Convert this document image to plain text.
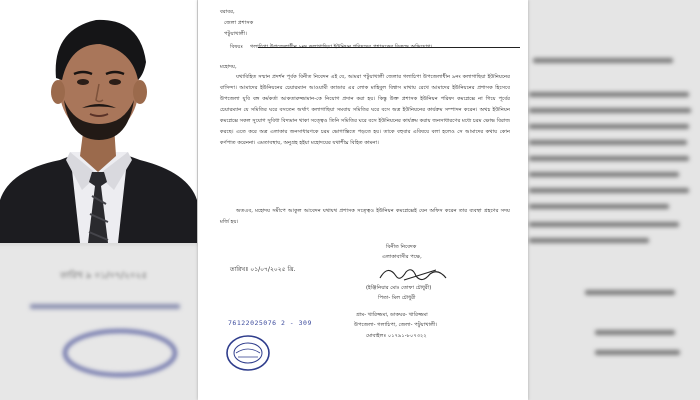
তারিখ ৯ ০১/০৭/২০২৫
বরাবর,
জেলা প্রশাসক
পটুয়াখালী।
বিষয়ঃ গলাচিপা উপজেলাধীন ৯নং কলাগাছিয়া ইউনিয়ন পরিষদের প্রশাসকের বিরুদ্ধে অভিযোগ।
মহোদয়,
যথাবিহিত সম্মান প্রদর্শন পূর্বক বিনীত নিবেদন এই যে, আমরা পটুয়াখালী জেলার গলাচিপা উপজেলাধীন ৯নং কলাগাছিয়া ইউনিয়নের বাসিন্দা। আমাদের ইউনিয়নের চেয়ারম্যান আওয়ামী ক্যাডার এর লোক মাহিবুল বিশ্বাস মাথায় রেখে আমাদের ইউনিয়নের প্রশাসক হিসেবে উপজেলা যুবি বঙ্গ কর্মকর্তা আকতারুজ্জামান-কে নিয়োগ প্রদান করা হয়। কিন্তু উক্ত প্রশাসক ইউনিয়ন পরিষদ কমপ্লেক্সে না গিয়ে পূর্বের চেয়ারম্যান যে সমিতির ঘরে বসতেন অর্থাৎ কলাগাছিয়া সমবায় সমিতির ঘরে বসে অত্র ইউনিয়নের কার্যক্রম সম্পাদন করেন। অথচ ইউনিয়ন কমপ্লেক্সে সকল সুযোগ সুবিধা বিদ্যমান থাকা সত্ত্বেও তিনি সমিতির ঘরে বসে ইউনিয়নের কার্যক্রম করায় জনসাধারণের মধ্যে চরম ক্ষোভ বিরাজ করছে। এতে করে অত্র এলাকার জনসাধারণকে চরম ভোগান্তিতে পড়তে হয়। তাকে বহুবার এবিষয়ে বলা হলেও সে আমাদের কথায় কোন কর্ণপাত করেননা। এমতাবস্থায়, অনুগ্রহ হইয়া মহোদয়ের যথাশীঘ্র বিহিত কামনা।
অতএব, মহোদয় সমীপে আকুল আবেদন যথাযথ প্রশাসক সত্ত্বেও ইউনিয়ন কমপ্লেক্সেই যেন অফিস করেন তার ব্যবস্থা গ্রহণের সদয় মর্জি হয়।
বিনীত নিবেদক
এলাকাবাসীর পক্ষে,
তারিখঃ ০১/০৭/২০২৫ খ্রি.
(ইঞ্জিনিয়ার মোঃ তোফা চৌধুরী)
পিতা- মিল চৌধুরী
গ্রাম- খারিজ্জমা, ডাকঘর- খারিজ্জমা
উপজেলা- গলাচিপা, জেলা- পটুয়াখালী।
মোবাইলঃ ০১৭৯১-৮০৭৩২২
76122025076 2 - 309
